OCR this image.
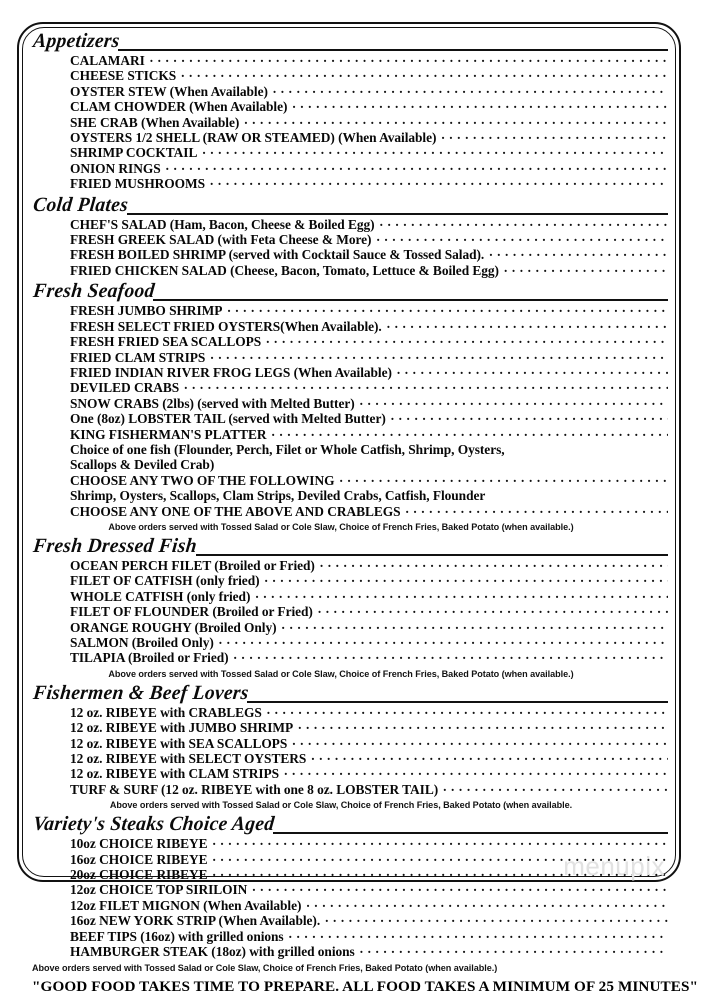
Appetizers
CALAMARI
. . .
CHEESE STICKS
. . .
OYSTER STEW (When Available)
. . .
CLAM CHOWDER (When Available)
. . .
SHE CRAB (When Available)
. . .
OYSTERS 1/2 SHELL (RAW OR STEAMED) (When Available)
. . .
SHRIMP COCKTAIL
. . .
ONION RINGS
. . .
FRIED MUSHROOMS
. . .
Cold Plates
CHEF'S SALAD (Ham, Bacon, Cheese & Boiled Egg)
. . .
FRESH GREEK SALAD (with Feta Cheese & More)
. . .
FRESH BOILED SHRIMP (served with Cocktail Sauce & Tossed Salad).
. . .
FRIED CHICKEN SALAD (Cheese, Bacon, Tomato, Lettuce & Boiled Egg)
. . .
Fresh Seafood
FRESH JUMBO SHRIMP
. . .
FRESH SELECT FRIED OYSTERS(When Available).
. . .
FRESH FRIED SEA SCALLOPS
. . .
FRIED CLAM STRIPS
. . .
FRIED INDIAN RIVER FROG LEGS (When Available)
. . .
DEVILED CRABS
. . .
SNOW CRABS (2lbs) (served with Melted Butter)
. . .
One (8oz) LOBSTER TAIL (served with Melted Butter)
. . .
KING FISHERMAN'S PLATTER
. . .
Choice of one fish (Flounder, Perch, Filet or Whole Catfish, Shrimp, Oysters,
Scallops & Deviled Crab)
CHOOSE ANY TWO OF THE FOLLOWING
. . .
Shrimp, Oysters, Scallops, Clam Strips, Deviled Crabs, Catfish, Flounder
CHOOSE ANY ONE OF THE ABOVE AND CRABLEGS
. . .
Above orders served with Tossed Salad or Cole Slaw, Choice of French Fries, Baked Potato (when available.)
Fresh Dressed Fish
OCEAN PERCH FILET (Broiled or Fried)
. . .
FILET OF CATFISH (only fried)
. . .
WHOLE CATFISH (only fried)
. . .
FILET OF FLOUNDER (Broiled or Fried)
. . .
ORANGE ROUGHY (Broiled Only)
. . .
SALMON (Broiled Only)
. . .
TILAPIA (Broiled or Fried)
. . .
Above orders served with Tossed Salad or Cole Slaw, Choice of French Fries, Baked Potato (when available.)
Fishermen & Beef Lovers
12 oz. RIBEYE with CRABLEGS
. . .
12 oz. RIBEYE with JUMBO SHRIMP
. . .
12 oz. RIBEYE with SEA SCALLOPS
. . .
12 oz. RIBEYE with SELECT OYSTERS
. . .
12 oz. RIBEYE with CLAM STRIPS
. . .
TURF & SURF (12 oz. RIBEYE with one 8 oz. LOBSTER TAIL)
. . .
Above orders served with Tossed Salad or Cole Slaw, Choice of French Fries, Baked Potato (when available.
Variety's Steaks Choice Aged
10oz CHOICE RIBEYE
. . .
16oz CHOICE RIBEYE
. . .
20oz CHOICE RIBEYE
. . .
12oz CHOICE TOP SIRILOIN
. . .
12oz FILET MIGNON (When Available)
. . .
16oz NEW YORK STRIP (When Available).
. . .
BEEF TIPS (16oz) with grilled onions
. . .
HAMBURGER STEAK (18oz) with grilled onions
. . .
Above orders served with Tossed Salad or Cole Slaw, Choice of French Fries, Baked Potato (when available.)
"GOOD FOOD TAKES TIME TO PREPARE. ALL FOOD TAKES A MINIMUM OF 25 MINUTES"
menupix
